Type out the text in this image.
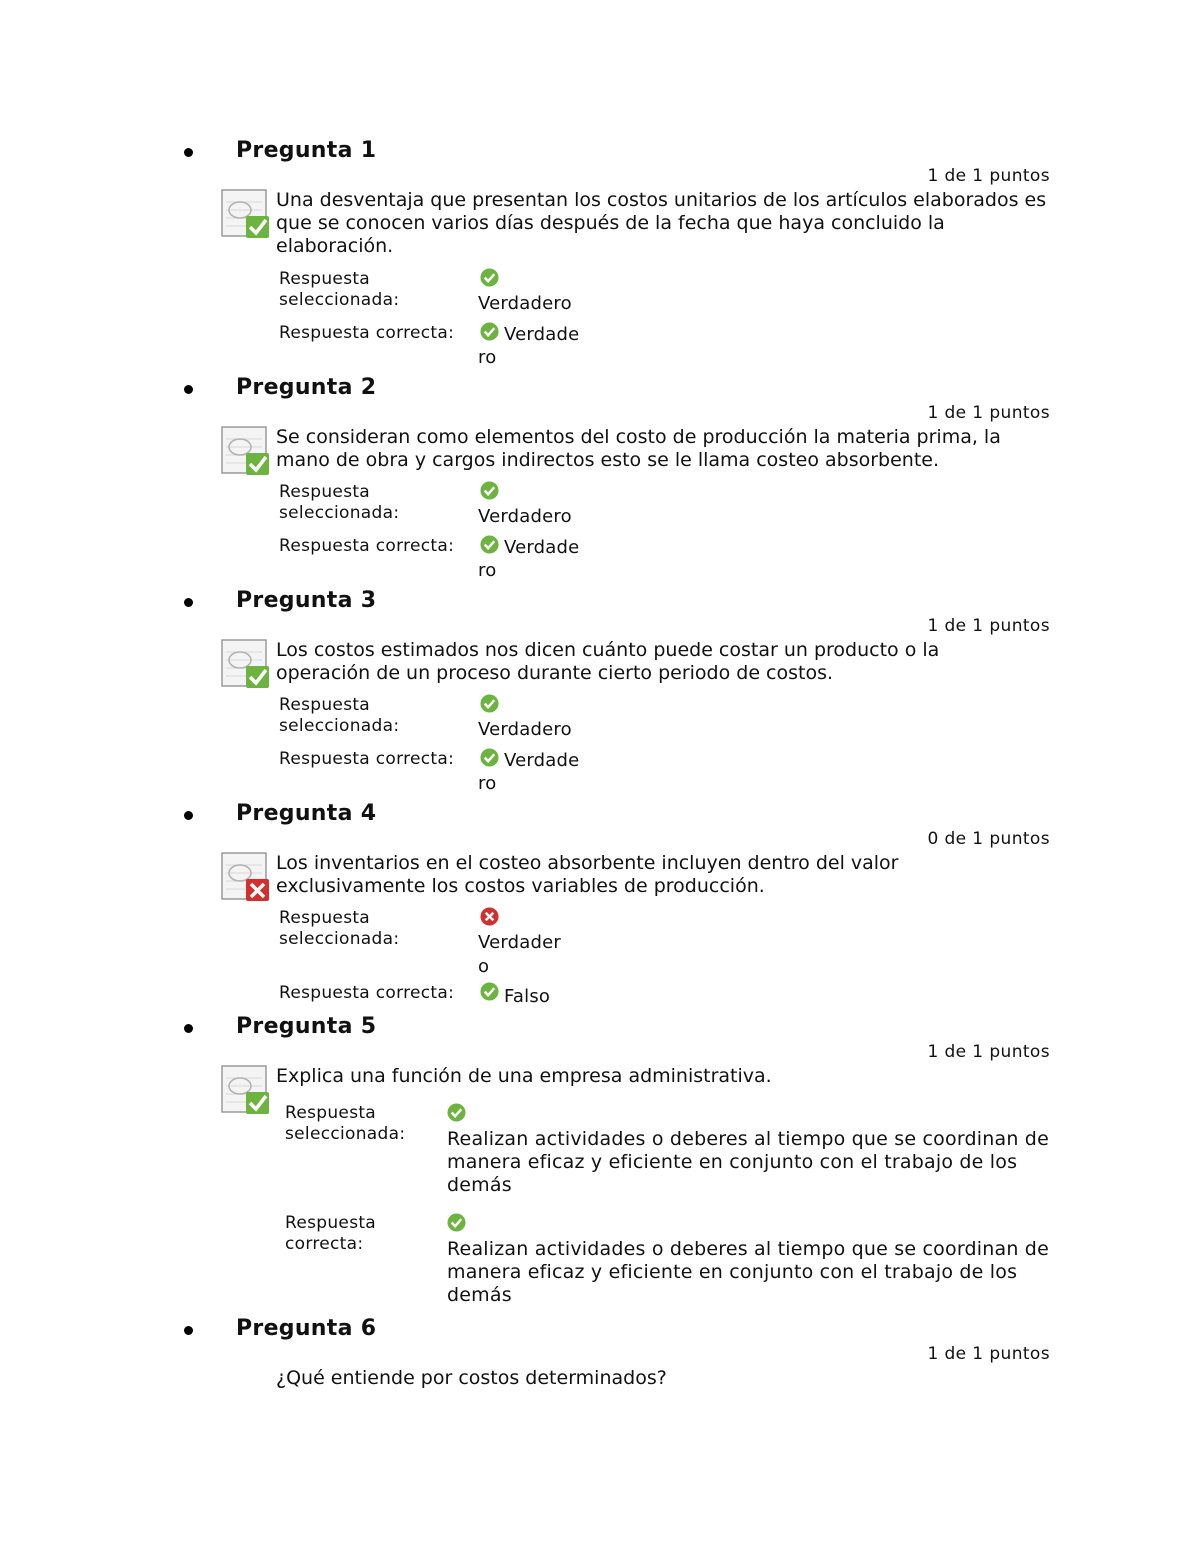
Pregunta 1
1 de 1 puntos
Una desventaja que presentan los costos unitarios de los artículos elaborados es que se conocen varios días después de la fecha que haya concluido la elaboración.
Respuesta seleccionada:	Verdadero
Respuesta correcta:	Verdade
ro
Pregunta 2
1 de 1 puntos
Se consideran como elementos del costo de producción la materia prima, la mano de obra y cargos indirectos esto se le llama costeo absorbente.
Respuesta seleccionada:	Verdadero
Respuesta correcta:	Verdade
ro
Pregunta 3
1 de 1 puntos
Los costos estimados nos dicen cuánto puede costar un producto o la operación de un proceso durante cierto periodo de costos.
Respuesta seleccionada:	Verdadero
Respuesta correcta:	Verdade
ro
Pregunta 4
0 de 1 puntos
Los inventarios en el costeo absorbente incluyen dentro del valor exclusivamente los costos variables de producción.
Respuesta seleccionada:	Verdader
o
Respuesta correcta:	Falso
Pregunta 5
1 de 1 puntos
Explica una función de una empresa administrativa.
Respuesta seleccionada:	Realizan actividades o deberes al tiempo que se coordinan de manera eficaz y eficiente en conjunto con el trabajo de los demás
Respuesta correcta:	Realizan actividades o deberes al tiempo que se coordinan de manera eficaz y eficiente en conjunto con el trabajo de los demás
Pregunta 6
1 de 1 puntos
¿Qué entiende por costos determinados?
